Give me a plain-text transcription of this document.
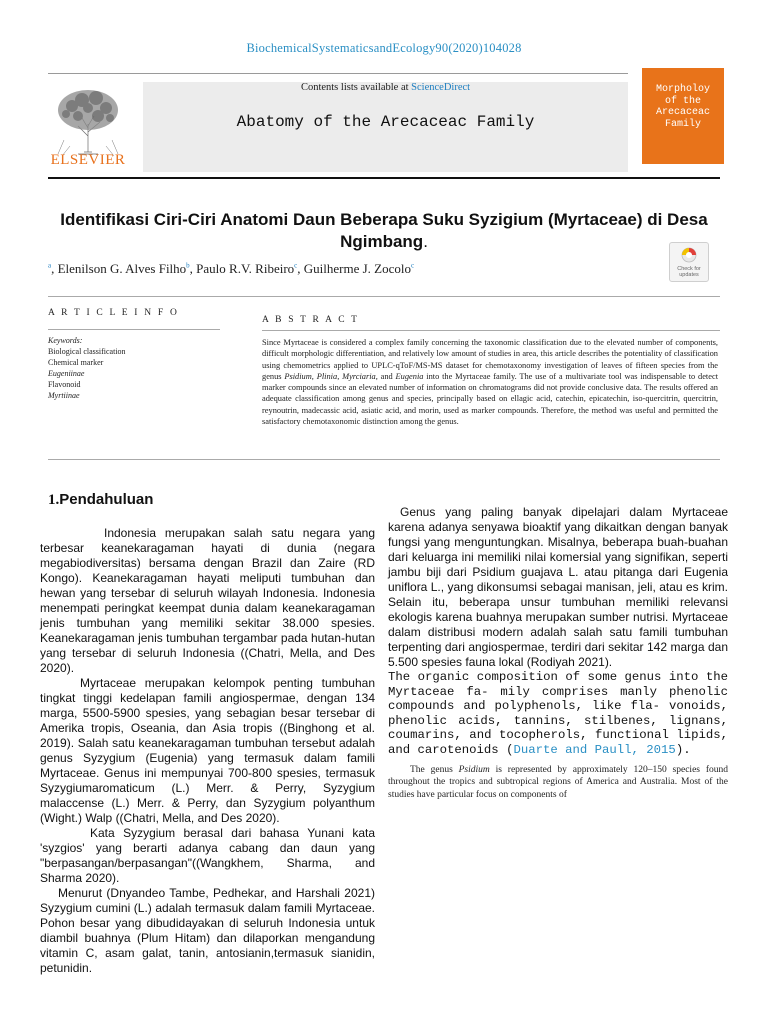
BiochemicalSystematicsandEcology90(2020)104028
ELSEVIER
Contents lists available at ScienceDirect
Abatomy of the Arecaceac Family
Morpholoy
of the
Arecaceac
Family
Identifikasi Ciri-Ciri Anatomi Daun Beberapa Suku Syzigium (Myrtaceae) di Desa Ngimbang.
$^a$, Elenilson G. Alves Filho$^b$, Paulo R.V. Ribeiro$^c$, Guilherme J. Zocolo$^c$	Check for updates
A R T I C L E I N F O
Keywords:
Biological classification
Chemical marker
Eugeniinae
Flavonoid
Myrtiinae
A B S T R A C T
Since Myrtaceae is considered a complex family concerning the taxonomic classification due to the elevated number of components, difficult morphologic differentiation, and relatively low amount of studies in area, this article describes the potentiality of classification using chemometrics applied to UPLC-qToF/MS-MS dataset for chemotaxonomy investigation of leaves of fifteen species from the genus Psidium, Plinia, Myrciaria, and Eugenia into the Myrtaceae family. The use of a multivariate tool was indispensable to detect marker compounds since an elevated number of information on chromatograms did not provide conclusive data. The results offered an adequate classification among genus and species, principally based on ellagic acid, catechin, epicatechin, iso-quercitrin, quercitrin, reynoutrin, madecassic acid, asiatic acid, and morin, used as marker compounds. Therefore, the method was useful and permitted the satisfactory chemotaxonomic distinction among the genus.
1.Pendahuluan

Indonesia merupakan salah satu negara yang terbesar keanekaragaman hayati di dunia (negara megabiodiversitas) bersama dengan Brazil dan Zaire (RD Kongo). Keanekaragaman hayati meliputi tumbuhan dan hewan yang tersebar di seluruh wilayah Indonesia. Indonesia menempati peringkat keempat dunia dalam keanekaragaman jenis tumbuhan yang memiliki sekitar 38.000 spesies. Keanekaragaman jenis tumbuhan tergambar pada hutan-hutan yang tersebar di seluruh Indonesia ((Chatri, Mella, and Des 2020).

Myrtaceae merupakan kelompok penting tumbuhan tingkat tinggi kedelapan famili angiospermae, dengan 134 marga, 5500-5900 spesies, yang sebagian besar tersebar di Amerika tropis, Oseania, dan Asia tropis ((Binghong et al. 2019). Salah satu keanekaragaman tumbuhan tersebut adalah genus Syzygium (Eugenia) yang termasuk dalam famili Myrtaceae. Genus ini mempunyai 700-800 spesies, termasuk Syzygiumaromaticum (L.) Merr. & Perry, Syzygium malaccense (L.) Merr. & Perry, dan Syzygium polyanthum (Wight.) Walp ((Chatri, Mella, and Des 2020).

Kata Syzygium berasal dari bahasa Yunani kata 'syzgios' yang berarti adanya cabang dan daun yang "berpasangan/berpasangan"((Wangkhem, Sharma, and Sharma 2020).

Menurut (Dnyandeo Tambe, Pedhekar, and Harshali 2021) Syzygium cumini (L.) adalah termasuk dalam famili Myrtaceae. Pohon besar yang dibudidayakan di seluruh Indonesia untuk diambil buahnya (Plum Hitam) dan dilaporkan mengandung vitamin C, asam galat, tanin, antosianin,termasuk sianidin, petunidin.

Genus yang paling banyak dipelajari dalam Myrtaceae karena adanya senyawa bioaktif yang dikaitkan dengan banyak fungsi yang menguntungkan. Misalnya, beberapa buah-buahan dari keluarga ini memiliki nilai komersial yang signifikan, seperti jambu biji dari Psidium guajava L. atau pitanga dari Eugenia uniflora L., yang dikonsumsi sebagai manisan, jeli, atau es krim. Selain itu, beberapa unsur tumbuhan memiliki relevansi ekologis karena buahnya merupakan sumber nutrisi. Myrtaceae dalam distribusi modern adalah salah satu famili tumbuhan terpenting dari angiospermae, terdiri dari sekitar 142 marga dan 5.500 spesies fauna lokal (Rodiyah 2021).

The organic composition of some genus into the Myrtaceae fa- mily comprises manly phenolic compounds and polyphenols, like fla- vonoids, phenolic acids, tannins, stilbenes, lignans, coumarins, and tocopherols, functional lipids, and carotenoids (Duarte and Paull, 2015).

The genus Psidium is represented by approximately 120–150 species found throughout the tropics and subtropical regions of America and Australia. Most of the studies have particular focus on components of
